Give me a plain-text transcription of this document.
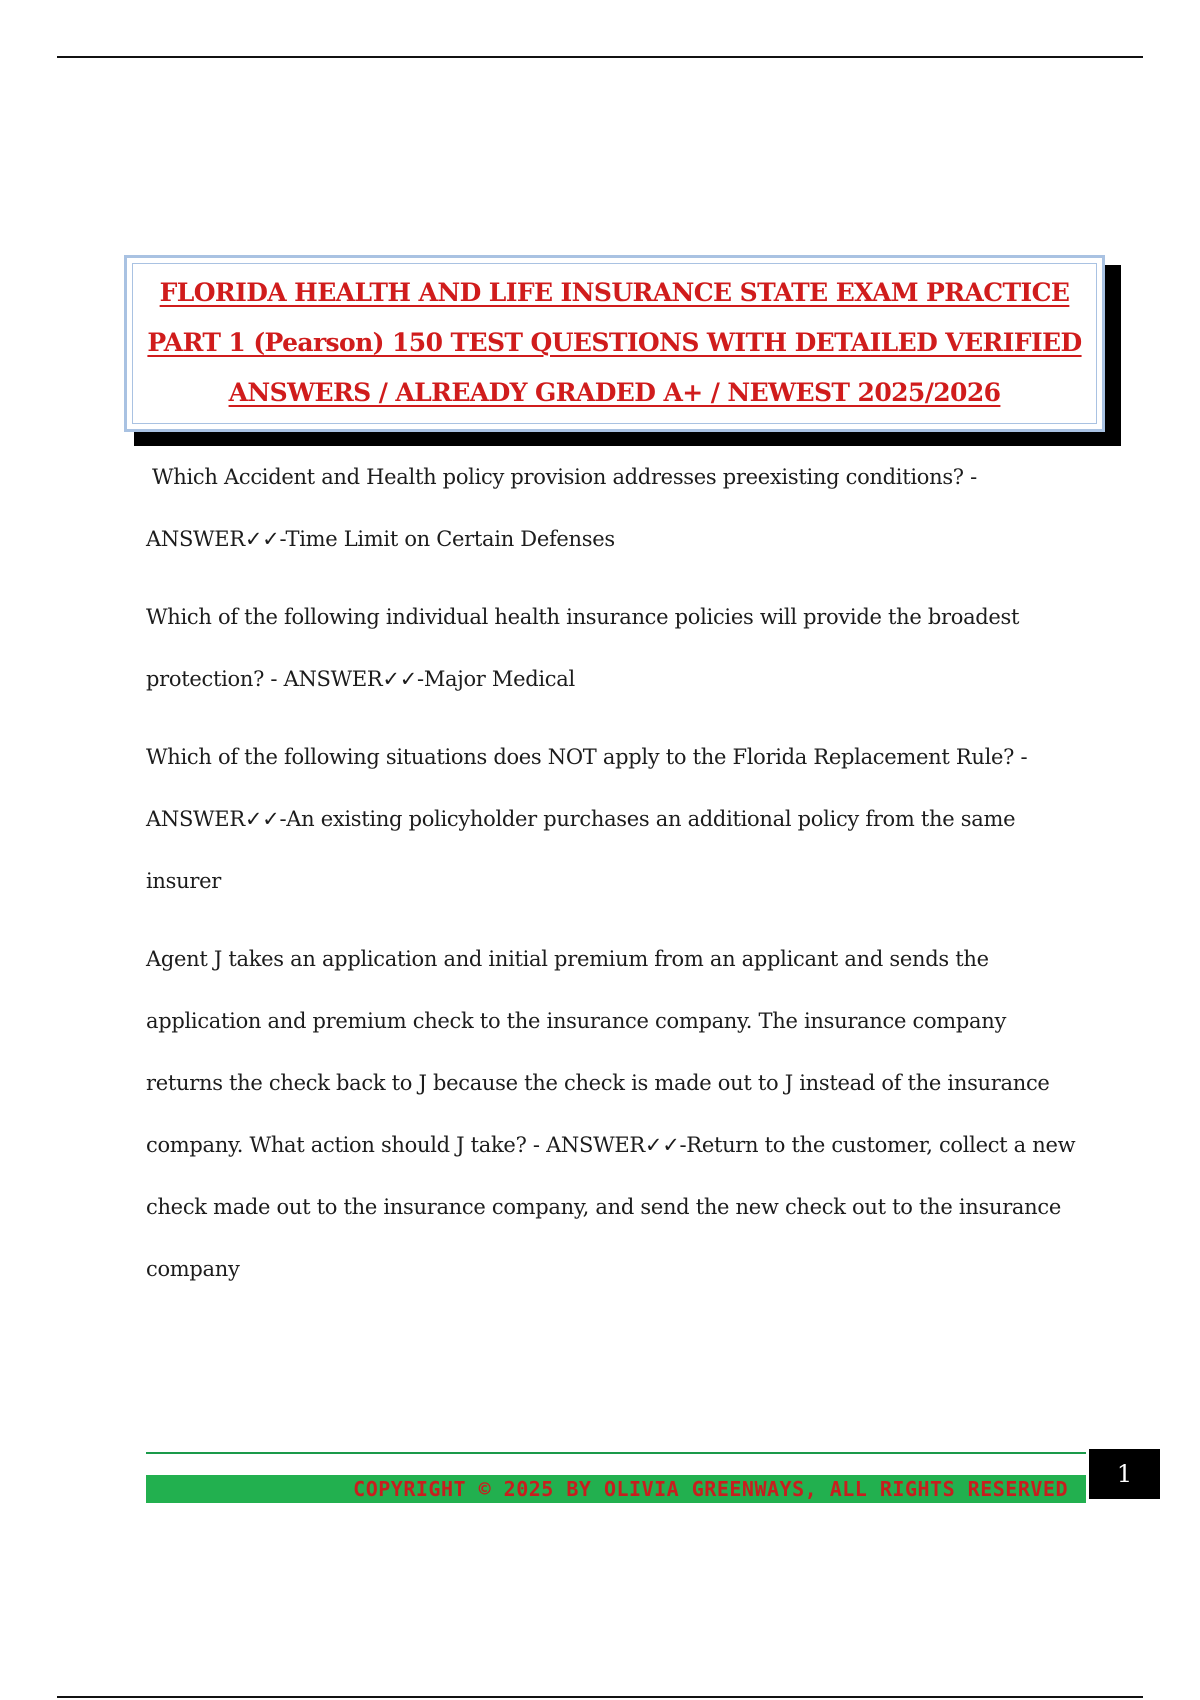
FLORIDA HEALTH AND LIFE INSURANCE STATE EXAM PRACTICE
PART 1 (Pearson) 150 TEST QUESTIONS WITH DETAILED VERIFIED
ANSWERS / ALREADY GRADED A+ / NEWEST 2025/2026

Which Accident and Health policy provision addresses preexisting conditions? - ANSWER✓✓-Time Limit on Certain Defenses

Which of the following individual health insurance policies will provide the broadest protection? - ANSWER✓✓-Major Medical

Which of the following situations does NOT apply to the Florida Replacement Rule? - ANSWER✓✓-An existing policyholder purchases an additional policy from the same insurer

Agent J takes an application and initial premium from an applicant and sends the application and premium check to the insurance company. The insurance company returns the check back to J because the check is made out to J instead of the insurance company. What action should J take? - ANSWER✓✓-Return to the customer, collect a new check made out to the insurance company, and send the new check out to the insurance company

COPYRIGHT © 2025 BY OLIVIA GREENWAYS, ALL RIGHTS RESERVED
1
